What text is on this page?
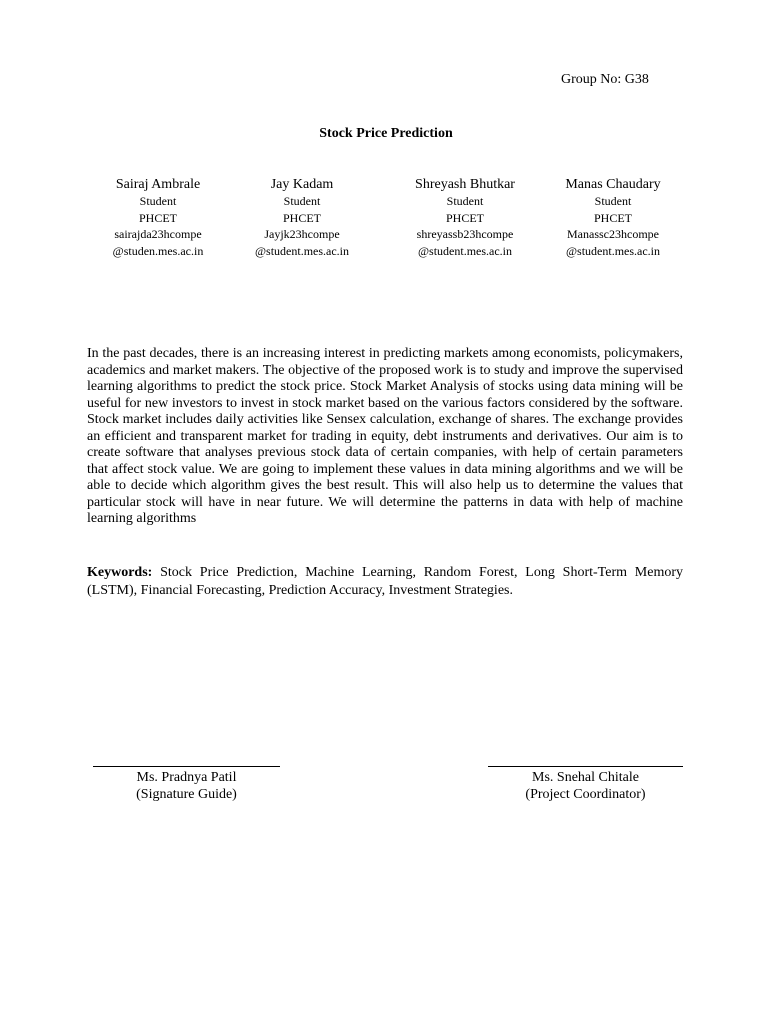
Group No: G38
Stock Price Prediction
Sairaj Ambrale
Student
PHCET
sairajda23hcompe
@studen.mes.ac.in
Jay Kadam
Student
PHCET
Jayjk23hcompe
@student.mes.ac.in
Shreyash Bhutkar
Student
PHCET
shreyassb23hcompe
@student.mes.ac.in
Manas Chaudary
Student
PHCET
Manassc23hcompe
@student.mes.ac.in

In the past decades, there is an increasing interest in predicting markets among economists, policymakers, academics and market makers. The objective of the proposed work is to study and improve the supervised learning algorithms to predict the stock price. Stock Market Analysis of stocks using data mining will be useful for new investors to invest in stock market based on the various factors considered by the software. Stock market includes daily activities like Sensex calculation, exchange of shares. The exchange provides an efficient and transparent market for trading in equity, debt instruments and derivatives. Our aim is to create software that analyses previous stock data of certain companies, with help of certain parameters that affect stock value. We are going to implement these values in data mining algorithms and we will be able to decide which algorithm gives the best result. This will also help us to determine the values that particular stock will have in near future. We will determine the patterns in data with help of machine learning algorithms

Keywords: Stock Price Prediction, Machine Learning, Random Forest, Long Short-Term Memory (LSTM), Financial Forecasting, Prediction Accuracy, Investment Strategies.

Ms. Pradnya Patil
(Signature Guide)
Ms. Snehal Chitale
(Project Coordinator)
